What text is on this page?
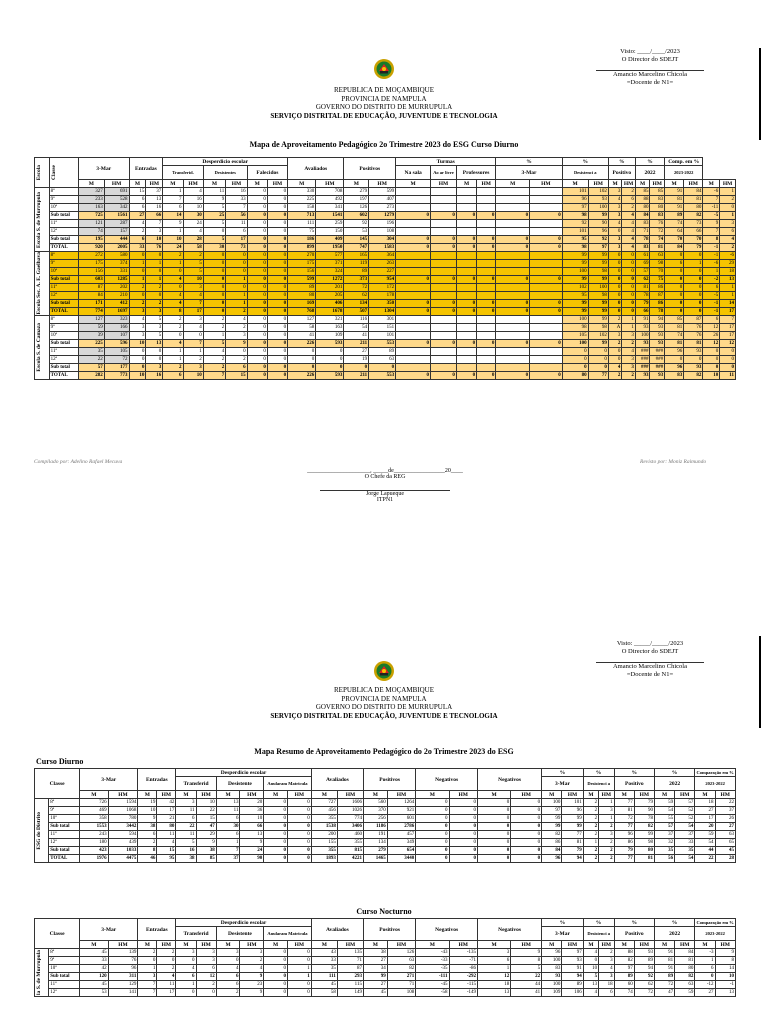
Visto: ____/____/2023
O Director do SDEJT
Amancio Marcelino Chicola
=Docente de N1=
REPUBLICA DE MOÇAMBIQUE
PROVINCIA DE NAMPULA
GOVERNO DO DISTRITO DE MURRUPULA
SERVIÇO DISTRITAL DE EDUCAÇÃO, JUVENTUDE E TECNOLOGIA
Mapa de Aproveitamento Pedagógico 2o Trimestre 2023 do ESG Curso Diurno
Escola	Classe	3-Mar		Entradas		Desperdicio escolar						Avaliados		Positivos		Turmas				%		%		%		%		Comp. em %			
						Transferid.		Desistentes		Falecidos						Na sala	Ao ar livre	Professores		3-Mar		Desistenci a		Positivo		2022		2023-2022			
		M	HM	M	HM	M	HM	M	HM	M	HM	M	HM	M	HM	M	HM	M	HM	M	HM	M	HM	M	HM	M	HM	M	HM	M	HM

Escola S. de Murrupula	8ª	327	691	15	37	1	4	11	16	0	0	330	708	279	599							101	102	3	2	85	85	91	84	-6	1
	9ª	233	528	6	13	7	16	9	33	0	0	225	492	197	407							96	93	4	6	88	83	81	81	7	2
	10ª	163	342	6	16	6	10	5	7	0	0	158	341	126	273							97	100	3	2	80	80	91	80	-11	0
	Sub total	725	1561	27	66	14	30	25	56	0	0	713	1541	602	1279	0	0	0	0	0	0	98	99	3	4	84	83	89	82	-5	1
	11ª	121	287	4	7	9	24	5	11	0	0	111	259	92	196							92	90	4	4	83	76	74	73	9	3
	12ª	74	157	2	3	1	4	0	6	0	0	75	150	53	108							101	96	0	4	71	72	64	66	7	6
	Sub total	195	444	6	10	10	28	5	17	0	0	186	409	145	304	0	0	0	0	0	0	95	92	3	4	78	74	70	70	8	4
	TOTAL	920	2005	33	76	24	58	30	73	0	0	899	1950	747	1583	0	0	0	0	0	0	98	97	3	4	83	81	84	79	-1	2

Escola Sec. A. E. Gaelhava	8ª	272	580	0	0	2	2	0	0	0	0	270	577	165	364							99	99	0	0	61	63	0	0	-1	-6
	9ª	175	374	1	1	1	5	0	0	0	0	175	371	119	263							99	99	0	0	69	98	6	1	-6	29
	10ª	156	331	0	0	0	5	0	0	0	0	156	324	89	227							100	98	0	0	57	70	0	0	1	18
	Sub total	603	1285	1	1	4	10	0	1	0	0	599	1272	373	954	0	0	0	0	0	0	99	99	0	0	62	75	0	0	-2	13
	11ª	87	202	2	2	0	3	0	0	0	0	89	201	72	172							102	100	0	0	81	86	0	0	6	1
	12ª	84	210	0	0	4	4	0	1	0	0	80	205	62	178							95	98	0	0	78	87	0	0	-5	1
	Sub total	171	412	2	2	4	7	0	1	0	0	169	406	134	350	0	0	0	0	0	0	99	99	0	0	79	86	0	0	-1	14
	TOTAL	774	1697	3	3	8	17	0	2	0	0	768	1678	507	1304	0	0	0	0	0	0	99	99	0	0	66	78	0	0	-1	17

Escola S. de Camaza	8ª	127	323	4	5	2	3	2	4	0	0	127	321	116	301							100	99	2	1	91	94	85	87	6	7
	9ª	59	166	3	3	2	4	2	2	0	0	58	163	54	151							98	98	A	1	93	93	81	76	12	17
	10ª	39	107	3	5	0	0	1	3	0	0	41	109	41	101							105	102	3	3	100	93	74	76	26	17
	Sub total	225	596	10	13	4	7	5	9	0	0	226	593	211	553	0	0	0	0	0	0	100	99	2	2	93	93	81	81	12	12
	11ª	35	105	0	0	1	1	4	0	0	0	0	0	27	89							0	0	0	4	###	###	96	93	0	0
	12ª	22	72	0	0	1	2	2	2	0	0	0	0	19	63							0	0	0	3	###	###	0	0	0	0
	Sub total	57	177	0	3	2	3	2	6	0	0	0	0	0	0							0	0	4	3	###	###	96	93	0	0
	TOTAL	282	773	10	16	6	10	7	15	0	0	226	593	211	553	0	0	0	0	0	0	80	77	2	2	93	93	83	82	10	11
Compilado por: Adelino Rafael Mecuva	Revisto por: Moniz Raimundo
_____________________, _____de_________________20____
O Chefe da REG
Jorge Lapueque
ITPN1
Visto: _____/_____/2023
O Director do SDEJT
Amancio Marcelino Chicola
=Docente de N1=
REPUBLICA DE MOÇAMBIQUE
PROVINCIA DE NAMPULA
GOVERNO DO DISTRITO DE MURRUPULA
SERVIÇO DISTRITAL DE EDUCAÇÃO, JUVENTUDE E TECNOLOGIA
Mapa Resumo de Aproveitamento Pedagógico do 2o Trimestre 2023 do ESG
Curso Diurno
Classe		3-Mar		Entradas		Desperdicio escolar						Avaliados		Positivos		Negativos		Negativos		%		%		%		%		Comparação em %	
						Transferid		Desistente		Anularam Matricula										3-Mar		Desistenci a		Positivo		2022		2023-2022	
		M	HM	M	HM	M	HM	M	HM	M	HM	M	HM	M	HM	M	HM	M	HM	M	HM	M	HM	M	HM	M	HM	M	HM

ESG do Distrito	8ª	726	1594	19	42	3	10	13	20	0	0	727	1606	560	1264	0	0	0	0	100	101	2	1	77	79	59	57	18	22
	9ª	469	1068	10	17	11	22	11	36	0	0	456	1026	370	921	0	0	0	0	97	96	2	3	81	90	54	52	27	37
	10ª	358	780	9	21	6	15	6	10	0	0	355	774	256	601	0	0	0	0	99	99	2	1	72	78	55	52	17	26
	Sub total	1553	3442	38	80	22	47	30	66	0	0	1538	3406	1186	2786	0	0	0	0	99	99	2	2	77	82	57	54	20	27
	11ª	243	594	6	11	11	29	6	13	0	0	200	460	191	457	0	0	0	0	82	77	2	3	96	99	37	37	59	63
	12ª	180	439	2	4	5	9	1	9	0	0	155	355	134	349	0	0	0	0	86	81	1	2	86	98	32	33	54	65
	Sub total	423	1033	8	15	16	38	7	24	0	0	355	815	279	654	0	0	0	0	84	79	2	2	79	80	35	35	44	45
	TOTAL	1976	4475	46	95	38	85	37	90	0	0	1893	4221	1465	3440	0	0	0	0	96	94	2	2	77	81	56	54	22	28
Curso Nocturno
Classe		3-Mar		Entradas		Desperdicio escolar						Avaliados		Positivos		Negativos		Negativos		%		%		%		%		Comparação em %	
						Transferid		Desistente		Anularam Matricula										3-Mar		Desistenci a		Positivo		2022		2023-2022	
		M	HM	M	HM	M	HM	M	HM	M	HM	M	HM	M	HM	M	HM	M	HM	M	HM	M	HM	M	HM	M	HM	M	HM

la S. de Murrupula	8ª	45	139	2	2	3	3	3	3	0	0	43	135	38	126	-43	-135	3	9	96	97	4	2	88	93	91	84	-3	9
	9ª	33	76	0	0	0	3	0	2	0	0	33	71	27	63	-33	-71	6	8	100	93	0	3	82	89	81	81	1	8
	10ª	42	96	1	2	4	6	4	4	0	1	35	87	34	82	-35	-86	1	5	83	91	10	4	97	94	91	80	6	14
	Sub total	120	311	3	4	6	12	6	9	0	1	111	293	99	271	-111	-292	12	22	93	94	5	3	89	92	89	82	0	10
	11ª	45	129	7	11	1	2	6	23	0	0	45	115	27	71	-45	-115	18	44	100	89	13	18	60	62	72	63	-12	-1
	12ª	53	141	7	17	0	0	2	9	0	0	58	149	45	108	-58	-149	13	41	109	106	4	6	74	72	47	59	27	13
